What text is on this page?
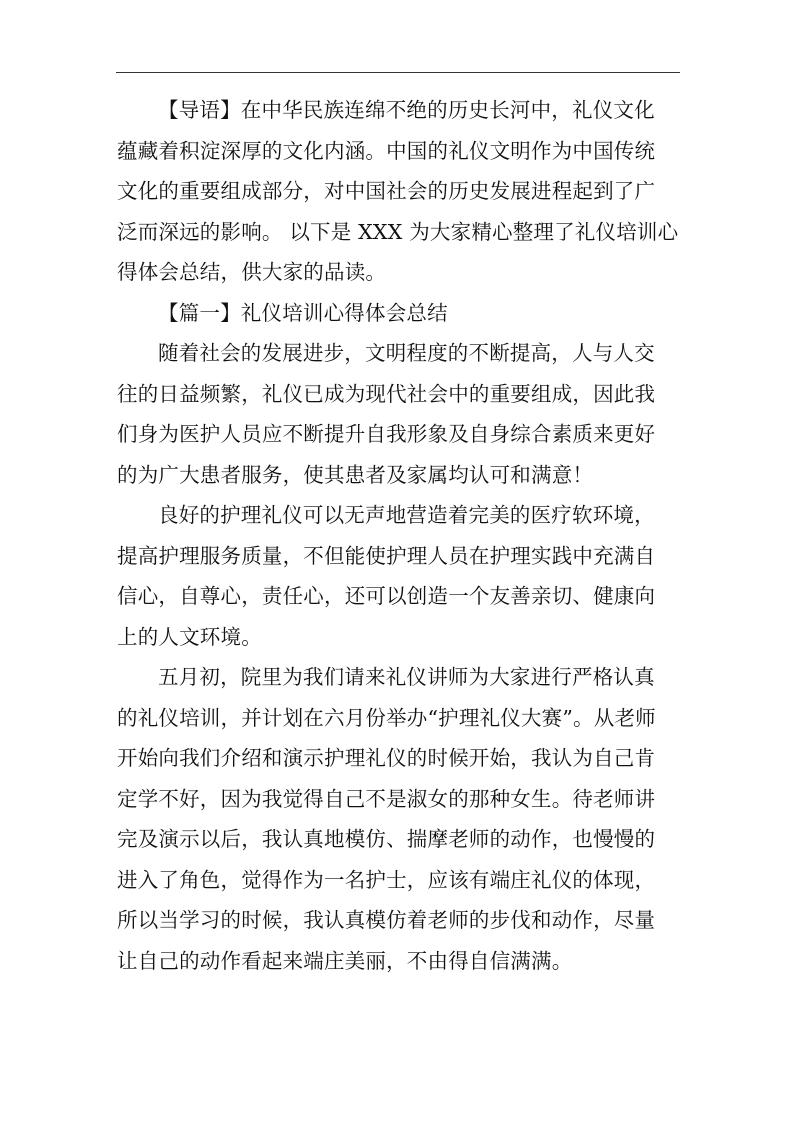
【导语】在中华民族连绵不绝的历史长河中，礼仪文化
蕴藏着积淀深厚的文化内涵。中国的礼仪文明作为中国传统
文化的重要组成部分，对中国社会的历史发展进程起到了广
泛而深远的影响。 以下是 XXX 为大家精心整理了礼仪培训心
得体会总结，供大家的品读。

【篇一】礼仪培训心得体会总结

随着社会的发展进步，文明程度的不断提高，人与人交
往的日益频繁，礼仪已成为现代社会中的重要组成，因此我
们身为医护人员应不断提升自我形象及自身综合素质来更好
的为广大患者服务，使其患者及家属均认可和满意！

良好的护理礼仪可以无声地营造着完美的医疗软环境，
提高护理服务质量，不但能使护理人员在护理实践中充满自
信心，自尊心，责任心，还可以创造一个友善亲切、健康向
上的人文环境。

五月初，院里为我们请来礼仪讲师为大家进行严格认真
的礼仪培训，并计划在六月份举办“护理礼仪大赛”。从老师
开始向我们介绍和演示护理礼仪的时候开始，我认为自己肯
定学不好，因为我觉得自己不是淑女的那种女生。待老师讲
完及演示以后，我认真地模仿、揣摩老师的动作，也慢慢的
进入了角色，觉得作为一名护士，应该有端庄礼仪的体现，
所以当学习的时候，我认真模仿着老师的步伐和动作，尽量
让自己的动作看起来端庄美丽，不由得自信满满。
